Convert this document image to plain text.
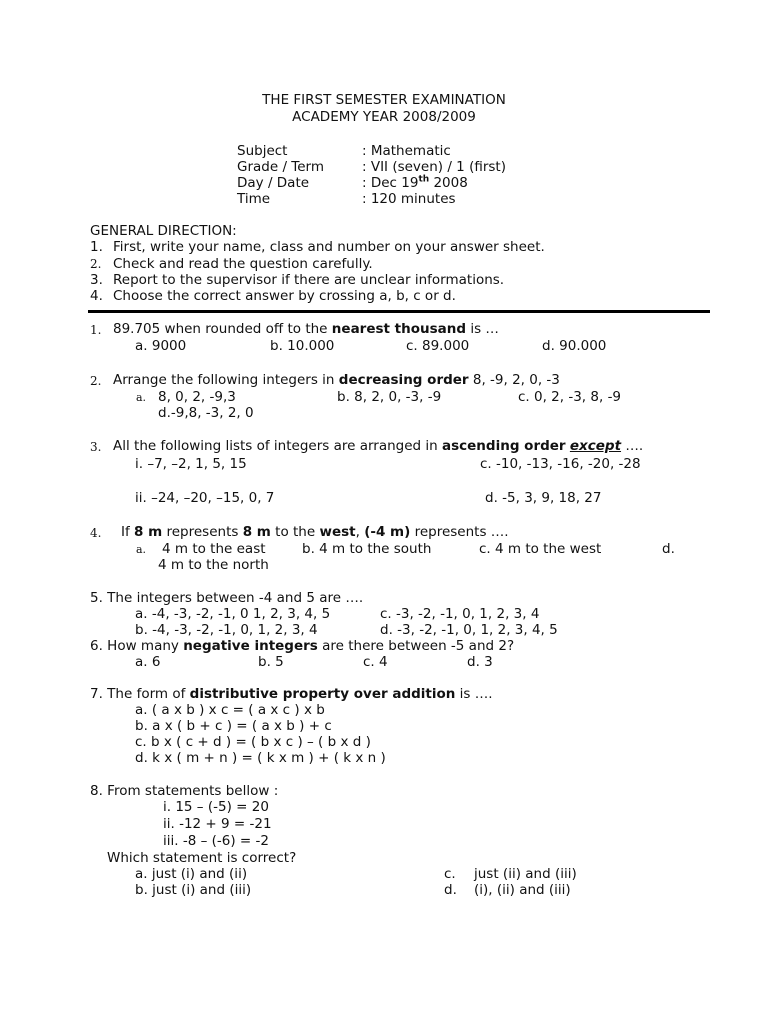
THE FIRST SEMESTER EXAMINATION
ACADEMY YEAR 2008/2009
Subject	: Mathematic
Grade / Term	: VII (seven) / 1 (first)
Day / Date	: Dec 19th 2008
Time	: 120 minutes
GENERAL DIRECTION:
1. First, write your name, class and number on your answer sheet.
2. Check and read the question carefully.
3. Report to the supervisor if there are unclear informations.
4. Choose the correct answer by crossing a, b, c or d.
1. 89.705 when rounded off to the nearest thousand is …
a. 9000	b. 10.000	c. 89.000	d. 90.000
2. Arrange the following integers in decreasing order 8, -9, 2, 0, -3
a. 8, 0, 2, -9,3	b. 8, 2, 0, -3, -9	c. 0, 2, -3, 8, -9
d.-9,8, -3, 2, 0
3. All the following lists of integers are arranged in ascending order except ….
i. –7, –2, 1, 5, 15	c. -10, -13, -16, -20, -28
ii. –24, –20, –15, 0, 7	d. -5, 3, 9, 18, 27
4. If 8 m represents 8 m to the west, (-4 m) represents ….
a. 4 m to the east	b. 4 m to the south	c. 4 m to the west	d.
4 m to the north
5. The integers between -4 and 5 are ….
a. -4, -3, -2, -1, 0 1, 2, 3, 4, 5	c. -3, -2, -1, 0, 1, 2, 3, 4
b. -4, -3, -2, -1, 0, 1, 2, 3, 4	d. -3, -2, -1, 0, 1, 2, 3, 4, 5
6. How many negative integers are there between -5 and 2?
a. 6	b. 5	c. 4	d. 3
7. The form of distributive property over addition is ….
a. ( a x b ) x c = ( a x c ) x b
b. a x ( b + c ) = ( a x b ) + c
c. b x ( c + d ) = ( b x c ) – ( b x d )
d. k x ( m + n ) = ( k x m ) + ( k x n )
8. From statements bellow :
i. 15 – (-5) = 20
ii. -12 + 9 = -21
iii. -8 – (-6) = -2
Which statement is correct?
a. just (i) and (ii)	c. just (ii) and (iii)
b. just (i) and (iii)	d. (i), (ii) and (iii)
